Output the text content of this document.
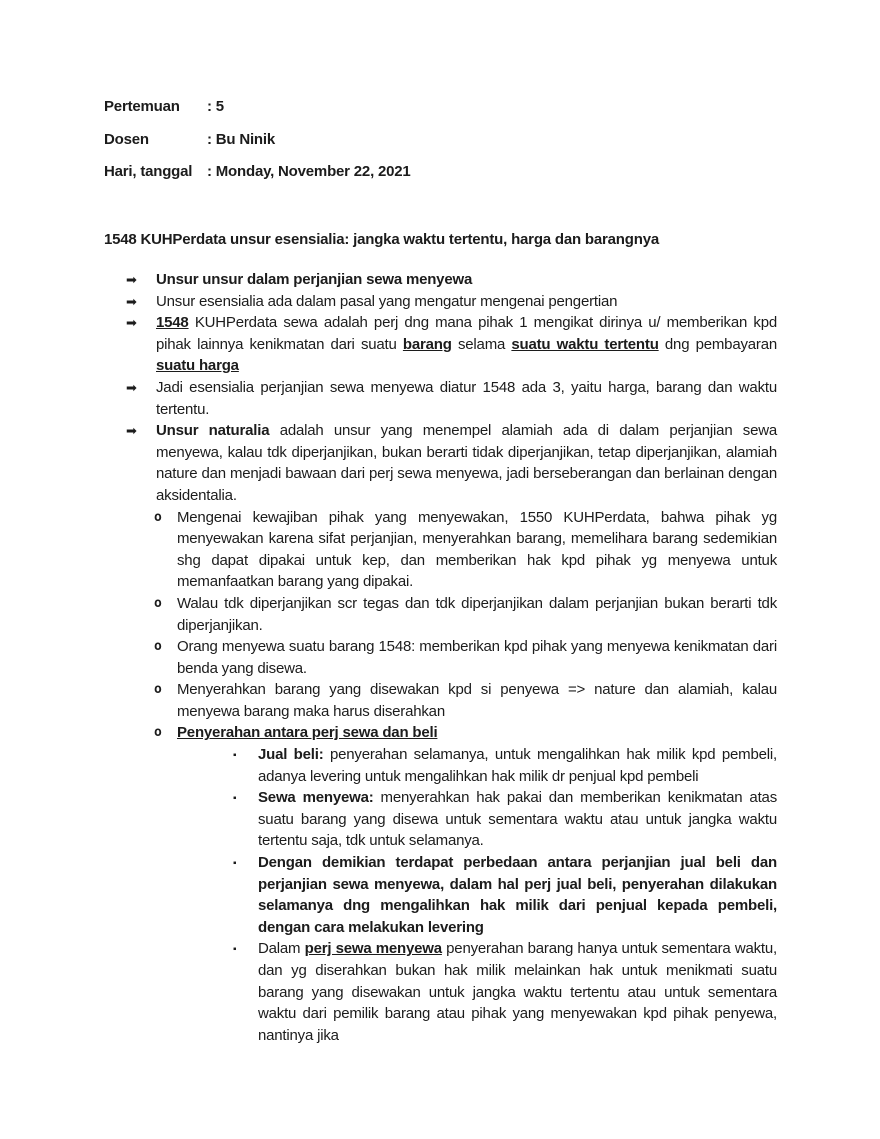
Pertemuan	: 5
Dosen	: Bu Ninik
Hari, tanggal : Monday, November 22, 2021
1548 KUHPerdata unsur esensialia: jangka waktu tertentu, harga dan barangnya
➡ Unsur unsur dalam perjanjian sewa menyewa
➡ Unsur esensialia ada dalam pasal yang mengatur mengenai pengertian
➡ 1548 KUHPerdata sewa adalah perj dng mana pihak 1 mengikat dirinya u/ memberikan kpd pihak lainnya kenikmatan dari suatu barang selama suatu waktu tertentu dng pembayaran suatu harga
➡ Jadi esensialia perjanjian sewa menyewa diatur 1548 ada 3, yaitu harga, barang dan waktu tertentu.
➡ Unsur naturalia adalah unsur yang menempel alamiah ada di dalam perjanjian sewa menyewa, kalau tdk diperjanjikan, bukan berarti tidak diperjanjikan, tetap diperjanjikan, alamiah nature dan menjadi bawaan dari perj sewa menyewa, jadi berseberangan dan berlainan dengan aksidentalia.
o Mengenai kewajiban pihak yang menyewakan, 1550 KUHPerdata, bahwa pihak yg menyewakan karena sifat perjanjian, menyerahkan barang, memelihara barang sedemikian shg dapat dipakai untuk kep, dan memberikan hak kpd pihak yg menyewa untuk memanfaatkan barang yang dipakai.
o Walau tdk diperjanjikan scr tegas dan tdk diperjanjikan dalam perjanjian bukan berarti tdk diperjanjikan.
o Orang menyewa suatu barang 1548: memberikan kpd pihak yang menyewa kenikmatan dari benda yang disewa.
o Menyerahkan barang yang disewakan kpd si penyewa => nature dan alamiah, kalau menyewa barang maka harus diserahkan
o Penyerahan antara perj sewa dan beli
▪ Jual beli: penyerahan selamanya, untuk mengalihkan hak milik kpd pembeli, adanya levering untuk mengalihkan hak milik dr penjual kpd pembeli
▪ Sewa menyewa: menyerahkan hak pakai dan memberikan kenikmatan atas suatu barang yang disewa untuk sementara waktu atau untuk jangka waktu tertentu saja, tdk untuk selamanya.
▪ Dengan demikian terdapat perbedaan antara perjanjian jual beli dan perjanjian sewa menyewa, dalam hal perj jual beli, penyerahan dilakukan selamanya dng mengalihkan hak milik dari penjual kepada pembeli, dengan cara melakukan levering
▪ Dalam perj sewa menyewa penyerahan barang hanya untuk sementara waktu, dan yg diserahkan bukan hak milik melainkan hak untuk menikmati suatu barang yang disewakan untuk jangka waktu tertentu atau untuk sementara waktu dari pemilik barang atau pihak yang menyewakan kpd pihak penyewa, nantinya jika
